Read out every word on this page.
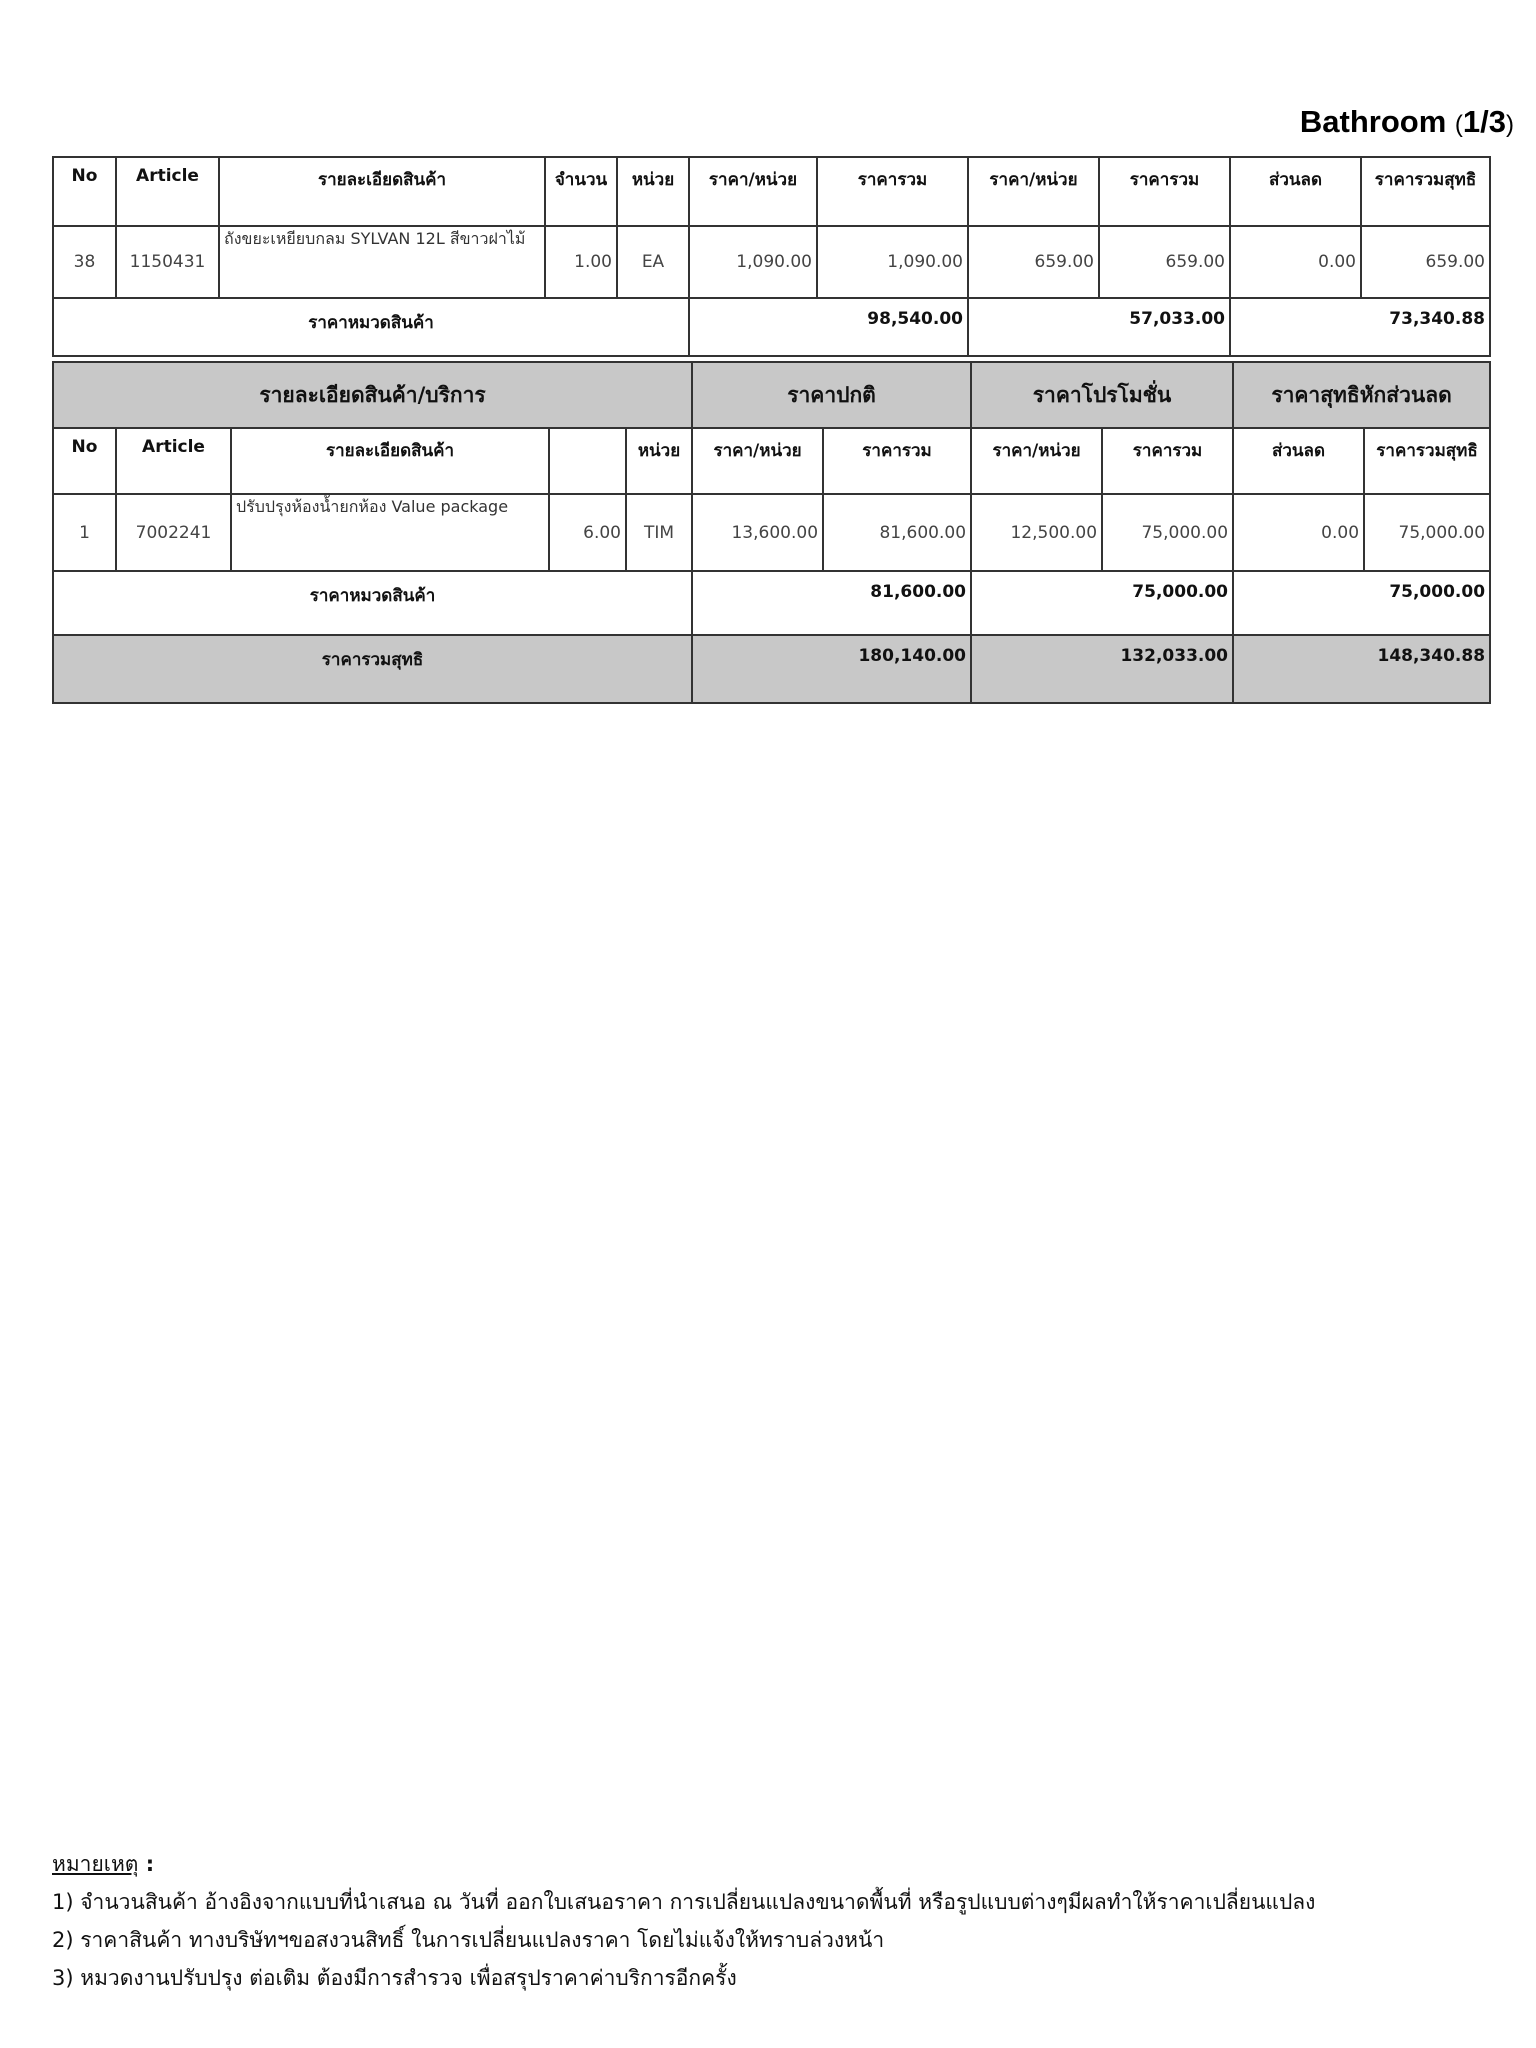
Bathroom (1/3)
No	Article	รายละเอียดสินค้า	จำนวน	หน่วย	ราคา/หน่วย	ราคารวม	ราคา/หน่วย	ราคารวม	ส่วนลด	ราคารวมสุทธิ
38	1150431	ถังขยะเหยียบกลม SYLVAN 12L สีขาวฝาไม้	1.00	EA	1,090.00	1,090.00	659.00	659.00	0.00	659.00
ราคาหมวดสินค้า					98,540.00		57,033.00		73,340.88	
รายละเอียดสินค้า/บริการ					ราคาปกติ		ราคาโปรโมชั่น		ราคาสุทธิหักส่วนลด	
No	Article	รายละเอียดสินค้า		หน่วย	ราคา/หน่วย	ราคารวม	ราคา/หน่วย	ราคารวม	ส่วนลด	ราคารวมสุทธิ
1	7002241	ปรับปรุงห้องน้ำยกห้อง Value package	6.00	TIM	13,600.00	81,600.00	12,500.00	75,000.00	0.00	75,000.00
ราคาหมวดสินค้า					81,600.00		75,000.00		75,000.00	
ราคารวมสุทธิ					180,140.00		132,033.00		148,340.88	
หมายเหตุ :
1) จำนวนสินค้า อ้างอิงจากแบบที่นำเสนอ ณ วันที่ ออกใบเสนอราคา การเปลี่ยนแปลงขนาดพื้นที่ หรือรูปแบบต่างๆมีผลทำให้ราคาเปลี่ยนแปลง
2) ราคาสินค้า ทางบริษัทฯขอสงวนสิทธิ์ ในการเปลี่ยนแปลงราคา โดยไม่แจ้งให้ทราบล่วงหน้า
3) หมวดงานปรับปรุง ต่อเติม ต้องมีการสำรวจ เพื่อสรุปราคาค่าบริการอีกครั้ง
